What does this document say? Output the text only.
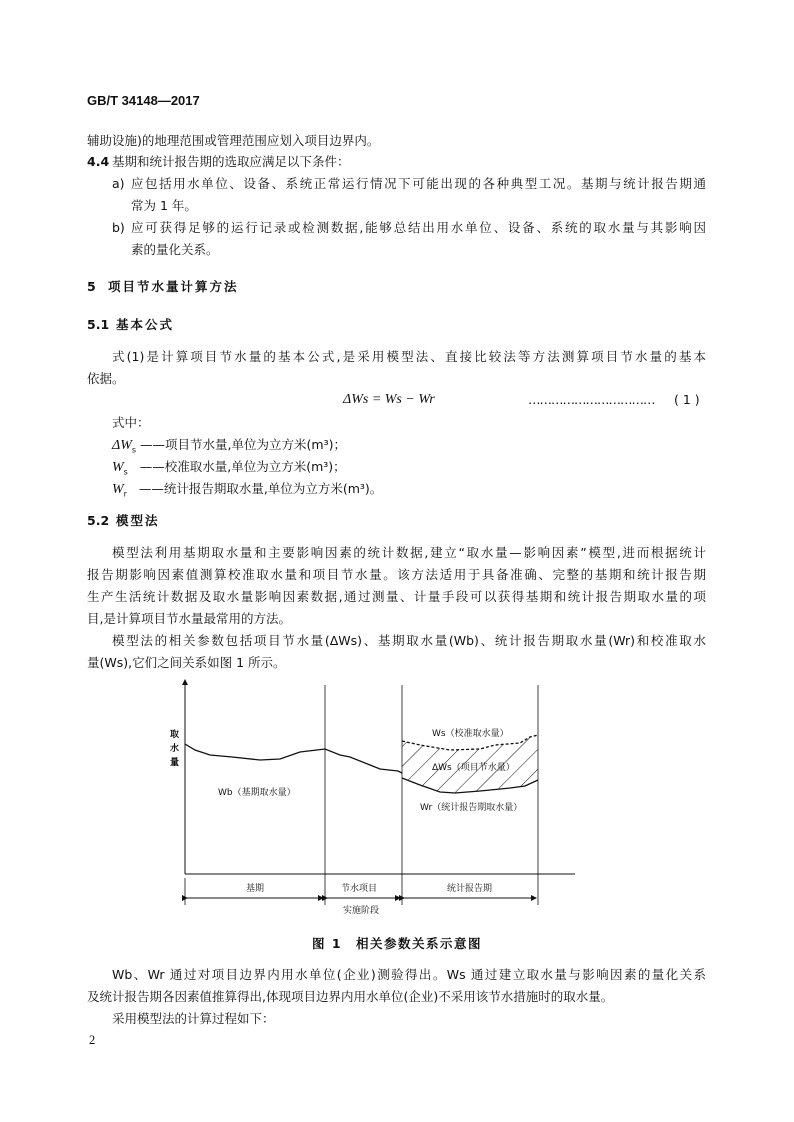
GB/T 34148—2017
辅助设施)的地理范围或管理范围应划入项目边界内。
4.4 基期和统计报告期的选取应满足以下条件：
a) 应包括用水单位、设备、系统正常运行情况下可能出现的各种典型工况。基期与统计报告期通
常为 1 年。
b) 应可获得足够的运行记录或检测数据,能够总结出用水单位、设备、系统的取水量与其影响因
素的量化关系。
5 项目节水量计算方法
5.1 基本公式
式(1)是计算项目节水量的基本公式,是采用模型法、直接比较法等方法测算项目节水量的基本
依据。
ΔWs = Ws − Wr	…………………………… ( 1 )
式中：
$\Delta W_s$ ——项目节水量,单位为立方米(m³)；
$W_s$ ——校准取水量,单位为立方米(m³)；
$W_r$ ——统计报告期取水量,单位为立方米(m³)。
5.2 模型法
模型法利用基期取水量和主要影响因素的统计数据,建立“取水量—影响因素”模型,进而根据统计
报告期影响因素值测算校准取水量和项目节水量。该方法适用于具备准确、完整的基期和统计报告期
生产生活统计数据及取水量影响因素数据,通过测量、计量手段可以获得基期和统计报告期取水量的项
目,是计算项目节水量最常用的方法。
模型法的相关参数包括项目节水量(ΔWs)、基期取水量(Wb)、统计报告期取水量(Wr)和校准取水
量(Ws),它们之间关系如图 1 所示。
取水量
Ws（校准取水量）
ΔWs（项目节水量）
Wb（基期取水量）
Wr（统计报告期取水量）
基期	节水项目
实施阶段
统计报告期
图 1　相关参数关系示意图
Wb、Wr 通过对项目边界内用水单位(企业)测验得出。Ws 通过建立取水量与影响因素的量化关系
及统计报告期各因素值推算得出,体现项目边界内用水单位(企业)不采用该节水措施时的取水量。
采用模型法的计算过程如下：
2
